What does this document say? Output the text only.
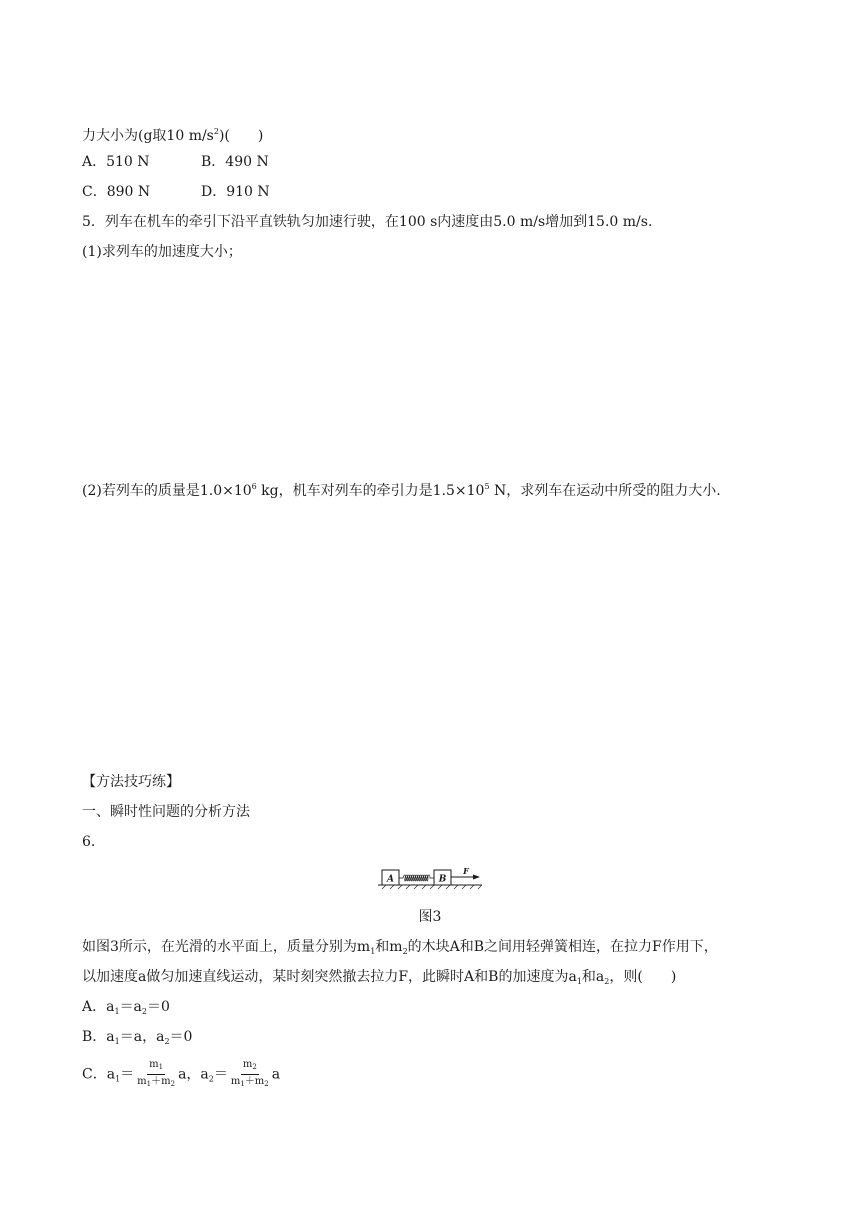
力大小为(g取10 $m/s^2$)(　　)
A．510 N	B．490 N
C．890 N	D．910 N
5．列车在机车的牵引下沿平直铁轨匀加速行驶，在100 s内速度由5.0 m/s增加到15.0 m/s.
(1)求列车的加速度大小；
(2)若列车的质量是$1.0\times 10^6$ kg，机车对列车的牵引力是$1.5\times 10^5$ N，求列车在运动中所受的阻力大小.
【方法技巧练】
一、瞬时性问题的分析方法
6.
A	B
F
图3
如图3所示，在光滑的水平面上，质量分别为$m_1$和$m_2$的木块A和B之间用轻弹簧相连，在拉力F作用下，
以加速度a做匀加速直线运动，某时刻突然撤去拉力F，此瞬时A和B的加速度为$a_1$和$a_2$，则(　　)
A．$a_1=a_2=0$
B．$a_1=a$，$a_2=0$
C．$a_1= \frac{m_1}{m_1+m_2}$ a，$a_2= \frac{m_2}{m_1+m_2}$ a
